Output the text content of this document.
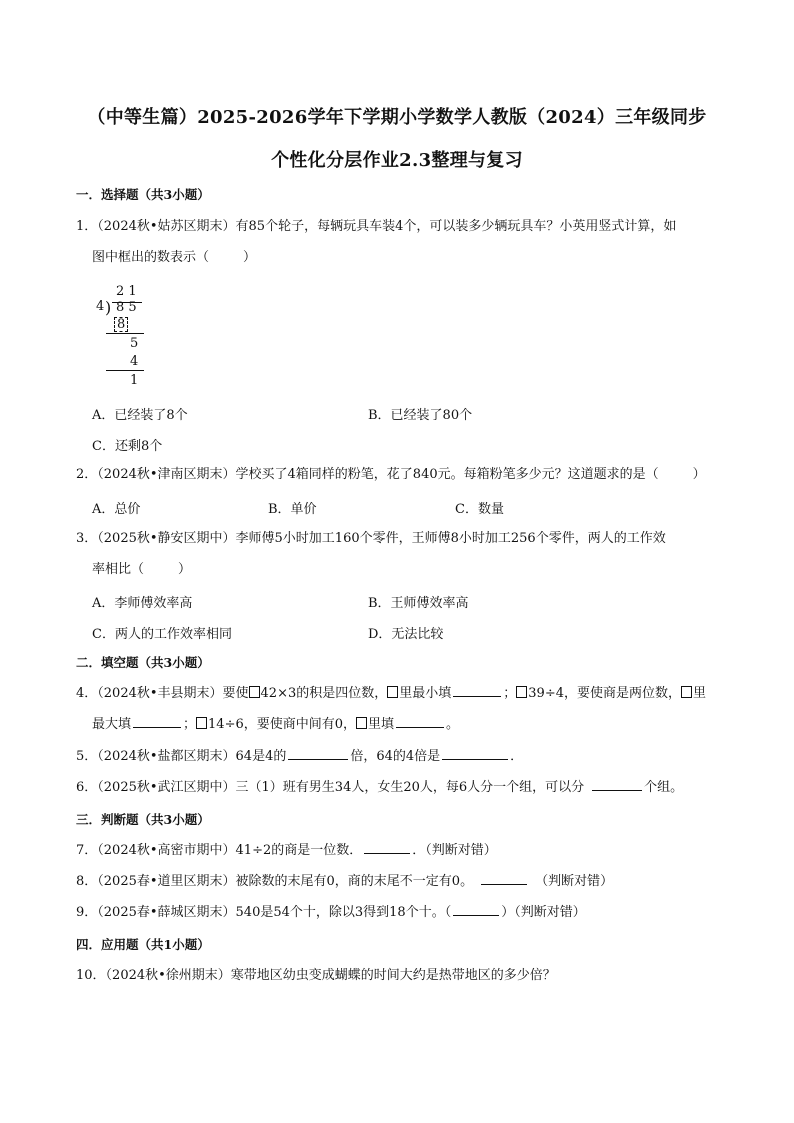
（中等生篇）2025-2026学年下学期小学数学人教版（2024）三年级同步
个性化分层作业2.3整理与复习
一．选择题（共3小题）
1．（2024秋•姑苏区期末）有85个轮子，每辆玩具车装4个，可以装多少辆玩具车？小英用竖式计算，如
图中框出的数表示（	）
2 1
4 ) 8 5
8
5
4
1
A．已经装了8个	B．已经装了80个
C．还剩8个
2．（2024秋•津南区期末）学校买了4箱同样的粉笔，花了840元。每箱粉笔多少元？这道题求的是（	）
A．总价	B．单价	C．数量
3．（2025秋•静安区期中）李师傅5小时加工160个零件，王师傅8小时加工256个零件，两人的工作效
率相比（	）
A．李师傅效率高	B．王师傅效率高
C．两人的工作效率相同	D．无法比较
二．填空题（共3小题）
4．（2024秋•丰县期末）要使 42×3的积是四位数， 里最小填	； 39÷4，要使商是两位数， 里
最大填	； 14÷6，要使商中间有0， 里填	。
5．（2024秋•盐都区期末）64是4的	倍，64的4倍是	．
6．（2025秋•武江区期中）三（1）班有男生34人，女生20人，每6人分一个组，可以分	个组。
三．判断题（共3小题）
7．（2024秋•高密市期中）41÷2的商是一位数．	．（判断对错）
8．（2025春•道里区期末）被除数的末尾有0，商的末尾不一定有0。	（判断对错）
9．（2025春•薛城区期末）540是54个十，除以3得到18个十。（	）（判断对错）
四．应用题（共1小题）
10．（2024秋•徐州期末）寒带地区幼虫变成蝴蝶的时间大约是热带地区的多少倍？
